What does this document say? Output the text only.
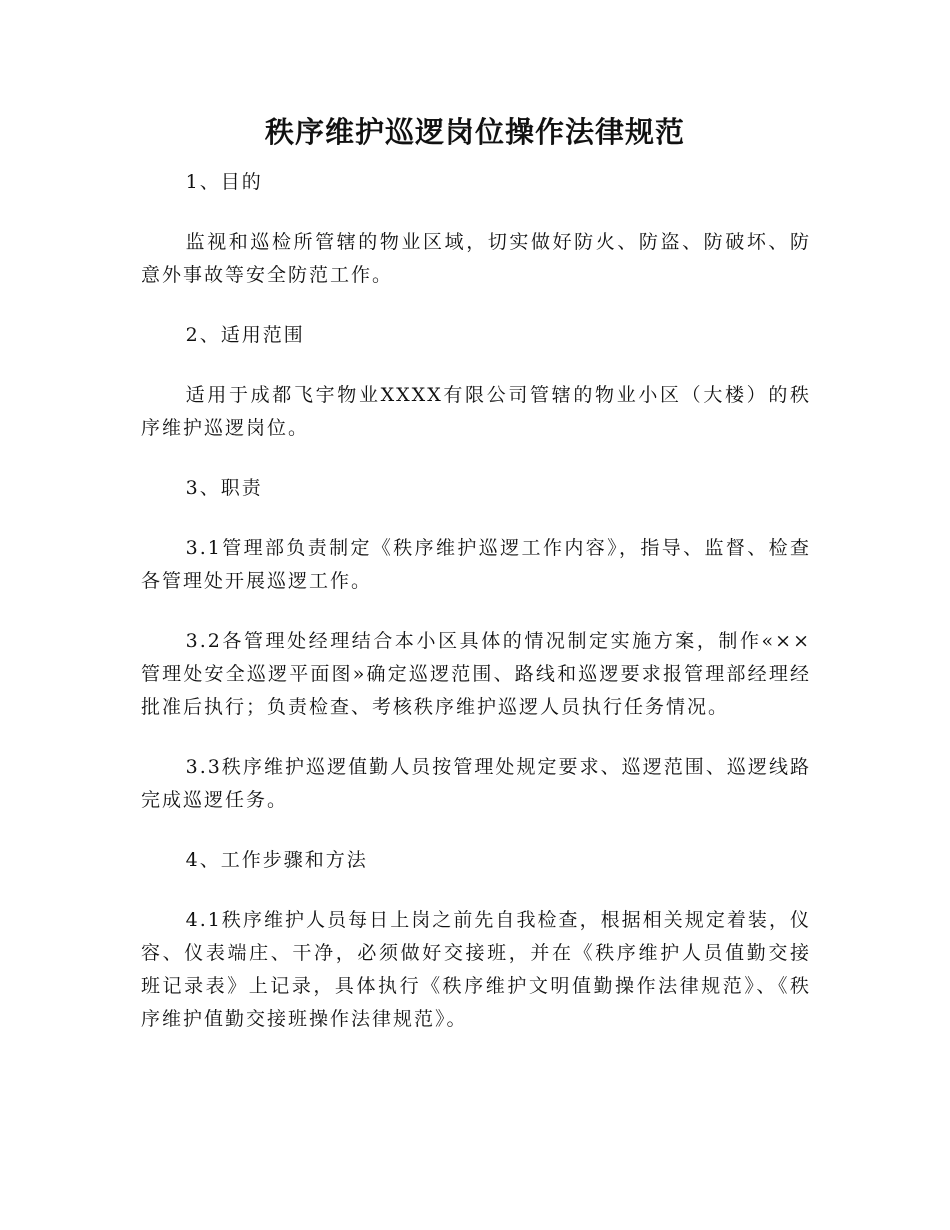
秩序维护巡逻岗位操作法律规范

1、目的

监视和巡检所管辖的物业区域，切实做好防火、防盗、防破坏、防意外事故等安全防范工作。

2、适用范围

适用于成都飞宇物业XXXX有限公司管辖的物业小区（大楼）的秩序维护巡逻岗位。

3、职责

3.1管理部负责制定《秩序维护巡逻工作内容》，指导、监督、检查各管理处开展巡逻工作。

3.2各管理处经理结合本小区具体的情况制定实施方案，制作«××管理处安全巡逻平面图»确定巡逻范围、路线和巡逻要求报管理部经理经批准后执行；负责检查、考核秩序维护巡逻人员执行任务情况。

3.3秩序维护巡逻值勤人员按管理处规定要求、巡逻范围、巡逻线路完成巡逻任务。

4、工作步骤和方法

4.1秩序维护人员每日上岗之前先自我检查，根据相关规定着装，仪容、仪表端庄、干净，必须做好交接班，并在《秩序维护人员值勤交接班记录表》上记录，具体执行《秩序维护文明值勤操作法律规范》、《秩序维护值勤交接班操作法律规范》。
